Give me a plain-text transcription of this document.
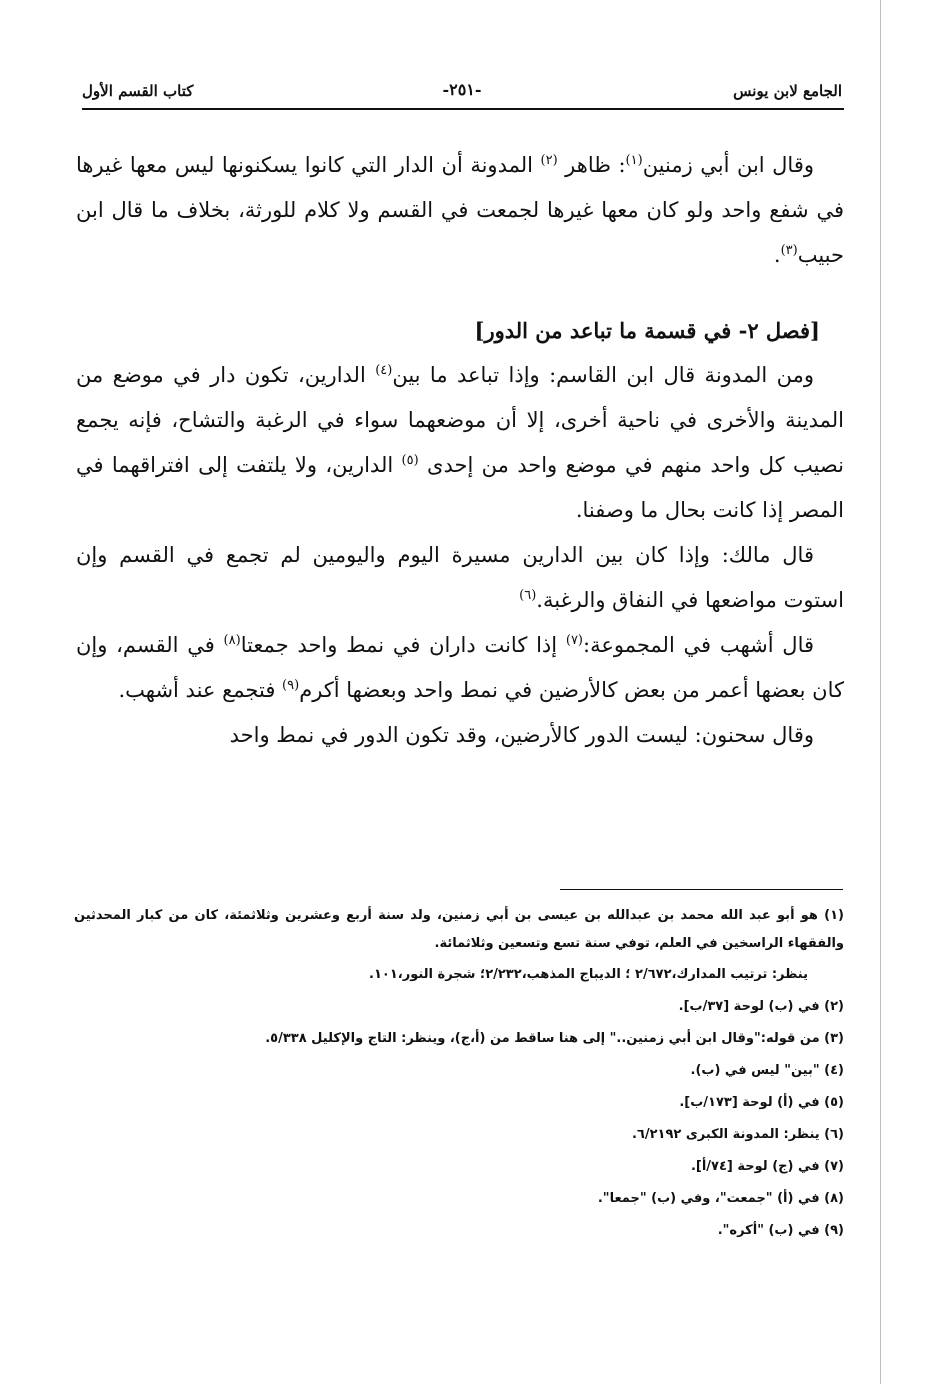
الجامع لابن يونس
-٢٥١-
كتاب القسم الأول

وقال ابن أبي زمنين$^{(١)}$: ظاهر $^{(٢)}$ المدونة أن الدار التي كانوا يسكنونها ليس معها غيرها في شفع واحد ولو كان معها غيرها لجمعت في القسم ولا كلام للورثة، بخلاف ما قال ابن حبيب$^{(٣)}$.

[فصل ٢- في قسمة ما تباعد من الدور]

ومن المدونة قال ابن القاسم: وإذا تباعد ما بين$^{(٤)}$ الدارين، تكون دار في موضع من المدينة والأخرى في ناحية أخرى، إلا أن موضعهما سواء في الرغبة والتشاح، فإنه يجمع نصيب كل واحد منهم في موضع واحد من إحدى $^{(٥)}$ الدارين، ولا يلتفت إلى افتراقهما في المصر إذا كانت بحال ما وصفنا.

قال مالك: وإذا كان بين الدارين مسيرة اليوم واليومين لم تجمع في القسم وإن استوت مواضعها في النفاق والرغبة.$^{(٦)}$

قال أشهب في المجموعة:$^{(٧)}$ إذا كانت داران في نمط واحد جمعتا$^{(٨)}$ في القسم، وإن كان بعضها أعمر من بعض كالأرضين في نمط واحد وبعضها أكرم$^{(٩)}$ فتجمع عند أشهب.

وقال سحنون: ليست الدور كالأرضين، وقد تكون الدور في نمط واحد

(١) هو أبو عبد الله محمد بن عبدالله بن عيسى بن أبي زمنين، ولد سنة أربع وعشرين وثلاثمئة، كان من كبار المحدثين والفقهاء الراسخين في العلم، توفي سنة تسع وتسعين وثلاثمائة.

ينظر: ترتيب المدارك،٢/٦٧٢ ؛ الديباج المذهب،٢/٢٣٢؛ شجرة النور،١٠١.

(٢) في (ب) لوحة [٣٧/ب].

(٣) من قوله:"وقال ابن أبي زمنين.." إلى هنا ساقط من (أ،ج)، وينظر: التاج والإكليل ٥/٣٣٨.

(٤) "بين" ليس في (ب).

(٥) في (أ) لوحة [١٧٣/ب].

(٦) ينظر: المدونة الكبرى ٦/٢١٩٢.

(٧) في (ج) لوحة [٧٤/أ].

(٨) في (أ) "جمعت"، وفي (ب) "جمعا".

(٩) في (ب) "أكره".
